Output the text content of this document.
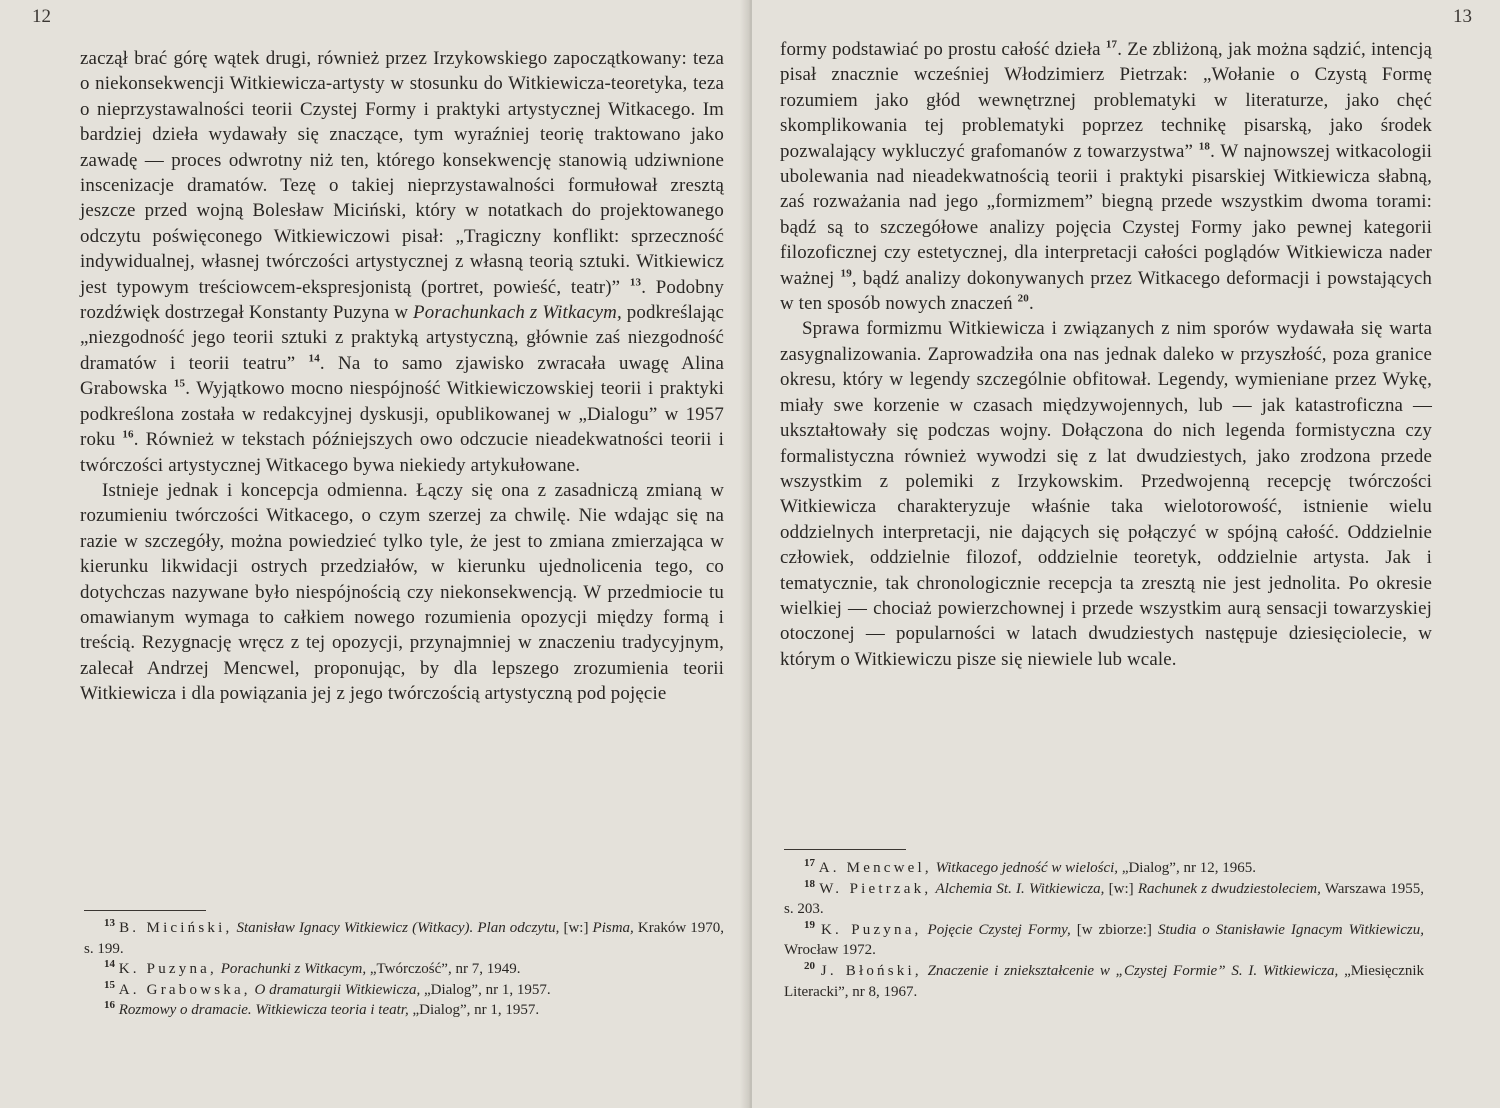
12

zaczął brać górę wątek drugi, również przez Irzykowskiego zapoczątkowany: teza o niekonsekwencji Witkiewicza-artysty w stosunku do Witkiewicza-teoretyka, teza o nieprzystawalności teorii Czystej Formy i praktyki artystycznej Witkacego. Im bardziej dzieła wydawały się znaczące, tym wyraźniej teorię traktowano jako zawadę — proces odwrotny niż ten, którego konsekwencję stanowią udziwnione inscenizacje dramatów. Tezę o takiej nieprzystawalności formułował zresztą jeszcze przed wojną Bolesław Miciński, który w notatkach do projektowanego odczytu poświęconego Witkiewiczowi pisał: „Tragiczny konflikt: sprzeczność indywidualnej, własnej twórczości artystycznej z własną teorią sztuki. Witkiewicz jest typowym treściowcem-ekspresjonistą (portret, powieść, teatr)” $^{13}$. Podobny rozdźwięk dostrzegał Konstanty Puzyna w Porachunkach z Witkacym, podkreślając „niezgodność jego teorii sztuki z praktyką artystyczną, głównie zaś niezgodność dramatów i teorii teatru” $^{14}$. Na to samo zjawisko zwracała uwagę Alina Grabowska $^{15}$. Wyjątkowo mocno niespójność Witkiewiczowskiej teorii i praktyki podkreślona została w redakcyjnej dyskusji, opublikowanej w „Dialogu” w 1957 roku $^{16}$. Również w tekstach późniejszych owo odczucie nieadekwatności teorii i twórczości artystycznej Witkacego bywa niekiedy artykułowane.

Istnieje jednak i koncepcja odmienna. Łączy się ona z zasadniczą zmianą w rozumieniu twórczości Witkacego, o czym szerzej za chwilę. Nie wdając się na razie w szczegóły, można powiedzieć tylko tyle, że jest to zmiana zmierzająca w kierunku likwidacji ostrych przedziałów, w kierunku ujednolicenia tego, co dotychczas nazywane było niespójnością czy niekonsekwencją. W przedmiocie tu omawianym wymaga to całkiem nowego rozumienia opozycji między formą i treścią. Rezygnację wręcz z tej opozycji, przynajmniej w znaczeniu tradycyjnym, zalecał Andrzej Mencwel, proponując, by dla lepszego zrozumienia teorii Witkiewicza i dla powiązania jej z jego twórczością artystyczną pod pojęcie

$^{13}$ B. Miciński, Stanisław Ignacy Witkiewicz (Witkacy). Plan odczytu, [w:] Pisma, Kraków 1970, s. 199.

$^{14}$ K. Puzyna, Porachunki z Witkacym, „Twórczość”, nr 7, 1949.

$^{15}$ A. Grabowska, O dramaturgii Witkiewicza, „Dialog”, nr 1, 1957.

$^{16}$ Rozmowy o dramacie. Witkiewicza teoria i teatr, „Dialog”, nr 1, 1957.

13

formy podstawiać po prostu całość dzieła $^{17}$. Ze zbliżoną, jak można sądzić, intencją pisał znacznie wcześniej Włodzimierz Pietrzak: „Wołanie o Czystą Formę rozumiem jako głód wewnętrznej problematyki w literaturze, jako chęć skomplikowania tej problematyki poprzez technikę pisarską, jako środek pozwalający wykluczyć grafomanów z towarzystwa” $^{18}$. W najnowszej witkacologii ubolewania nad nieadekwatnością teorii i praktyki pisarskiej Witkiewicza słabną, zaś rozważania nad jego „formizmem” biegną przede wszystkim dwoma torami: bądź są to szczegółowe analizy pojęcia Czystej Formy jako pewnej kategorii filozoficznej czy estetycznej, dla interpretacji całości poglądów Witkiewicza nader ważnej $^{19}$, bądź analizy dokonywanych przez Witkacego deformacji i powstających w ten sposób nowych znaczeń $^{20}$.

Sprawa formizmu Witkiewicza i związanych z nim sporów wydawała się warta zasygnalizowania. Zaprowadziła ona nas jednak daleko w przyszłość, poza granice okresu, który w legendy szczególnie obfitował. Legendy, wymieniane przez Wykę, miały swe korzenie w czasach międzywojennych, lub — jak katastroficzna — ukształtowały się podczas wojny. Dołączona do nich legenda formistyczna czy formalistyczna również wywodzi się z lat dwudziestych, jako zrodzona przede wszystkim z polemiki z Irzykowskim. Przedwojenną recepcję twórczości Witkiewicza charakteryzuje właśnie taka wielotorowość, istnienie wielu oddzielnych interpretacji, nie dających się połączyć w spójną całość. Oddzielnie człowiek, oddzielnie filozof, oddzielnie teoretyk, oddzielnie artysta. Jak i tematycznie, tak chronologicznie recepcja ta zresztą nie jest jednolita. Po okresie wielkiej — chociaż powierzchownej i przede wszystkim aurą sensacji towarzyskiej otoczonej — popularności w latach dwudziestych następuje dziesięciolecie, w którym o Witkiewiczu pisze się niewiele lub wcale.

$^{17}$ A. Mencwel, Witkacego jedność w wielości, „Dialog”, nr 12, 1965.

$^{18}$ W. Pietrzak, Alchemia St. I. Witkiewicza, [w:] Rachunek z dwudziestoleciem, Warszawa 1955, s. 203.

$^{19}$ K. Puzyna, Pojęcie Czystej Formy, [w zbiorze:] Studia o Stanisławie Ignacym Witkiewiczu, Wrocław 1972.

$^{20}$ J. Błoński, Znaczenie i zniekształcenie w „Czystej Formie” S. I. Witkiewicza, „Miesięcznik Literacki”, nr 8, 1967.
